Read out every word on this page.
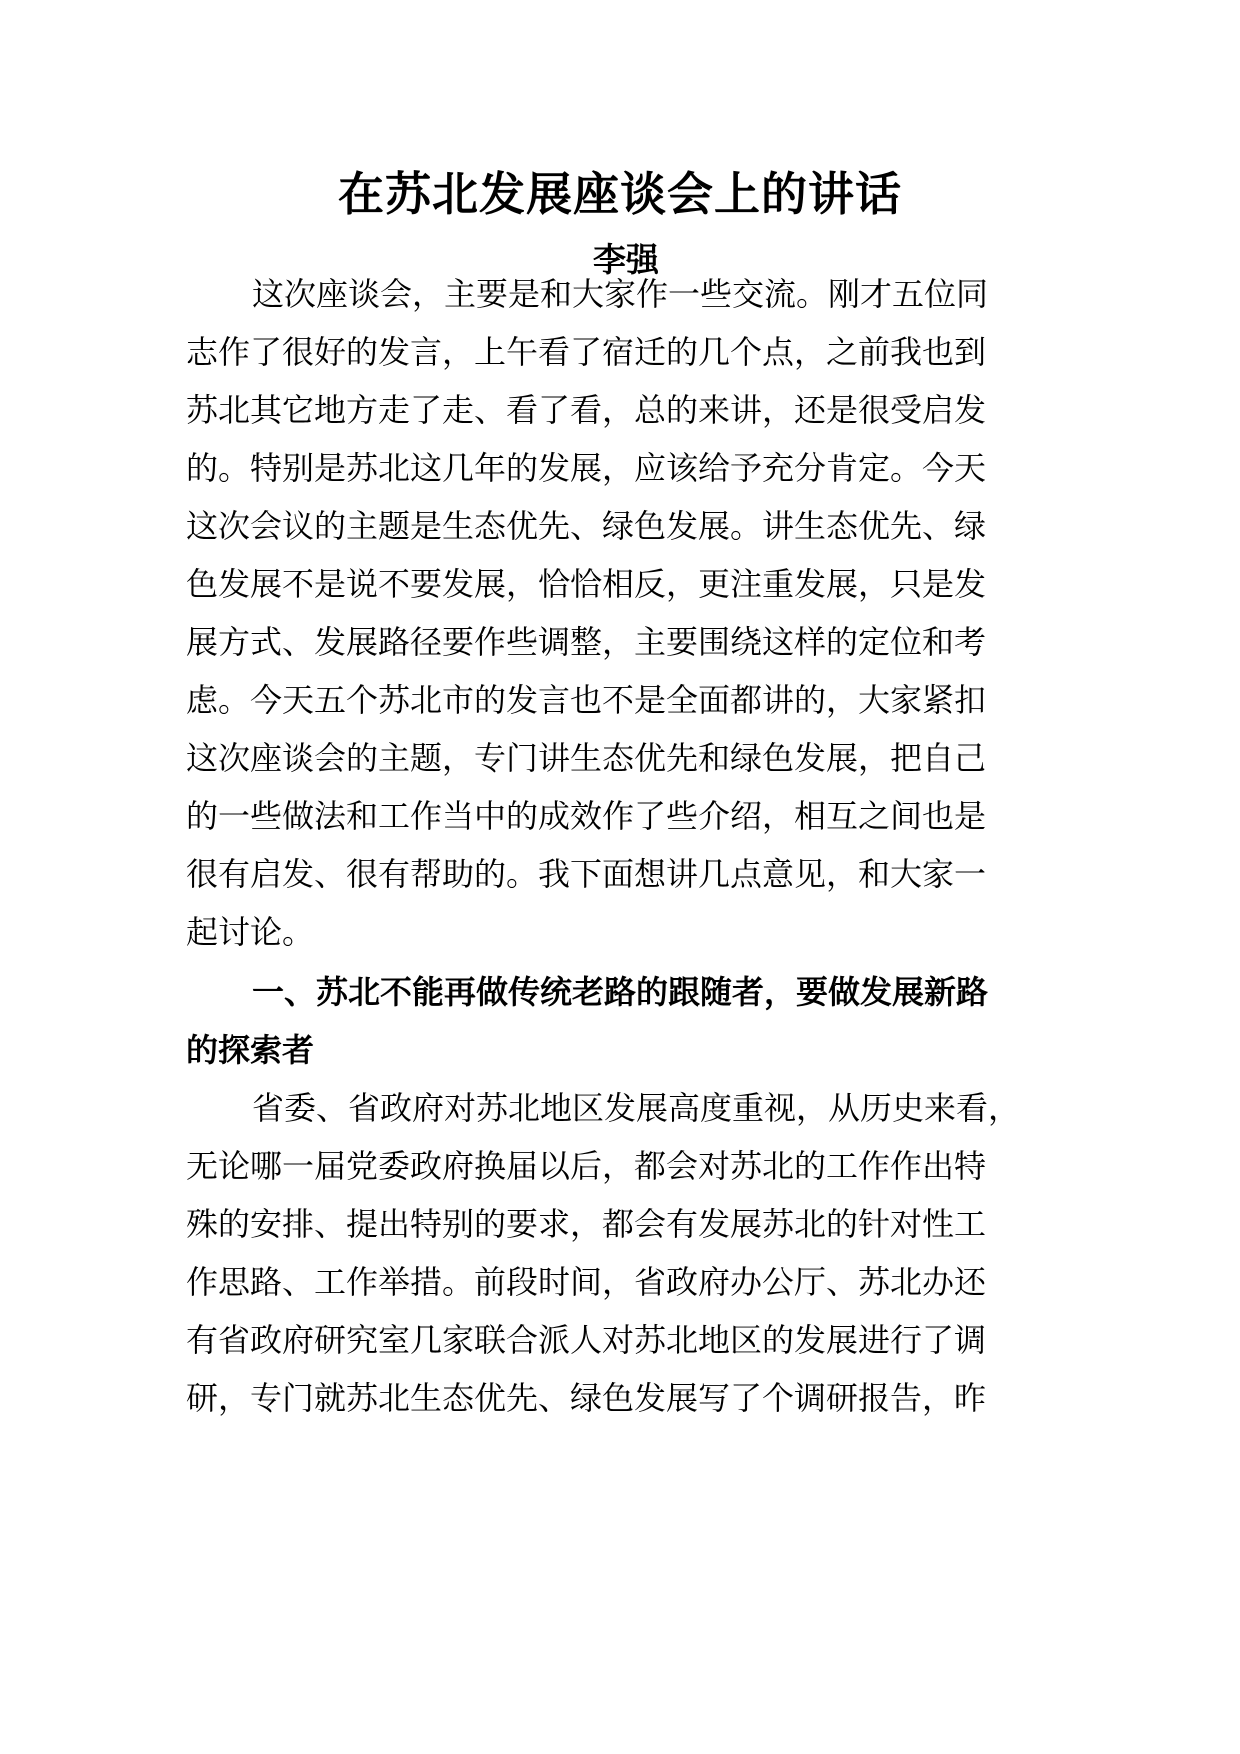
在苏北发展座谈会上的讲话
李强
这次座谈会，主要是和大家作一些交流。刚才五位同
志作了很好的发言，上午看了宿迁的几个点，之前我也到
苏北其它地方走了走、看了看，总的来讲，还是很受启发
的。特别是苏北这几年的发展，应该给予充分肯定。今天
这次会议的主题是生态优先、绿色发展。讲生态优先、绿
色发展不是说不要发展，恰恰相反，更注重发展，只是发
展方式、发展路径要作些调整，主要围绕这样的定位和考
虑。今天五个苏北市的发言也不是全面都讲的，大家紧扣
这次座谈会的主题，专门讲生态优先和绿色发展，把自己
的一些做法和工作当中的成效作了些介绍，相互之间也是
很有启发、很有帮助的。我下面想讲几点意见，和大家一
起讨论。
一、苏北不能再做传统老路的跟随者，要做发展新路
的探索者
省委、省政府对苏北地区发展高度重视，从历史来看，
无论哪一届党委政府换届以后，都会对苏北的工作作出特
殊的安排、提出特别的要求，都会有发展苏北的针对性工
作思路、工作举措。前段时间，省政府办公厅、苏北办还
有省政府研究室几家联合派人对苏北地区的发展进行了调
研，专门就苏北生态优先、绿色发展写了个调研报告，昨
